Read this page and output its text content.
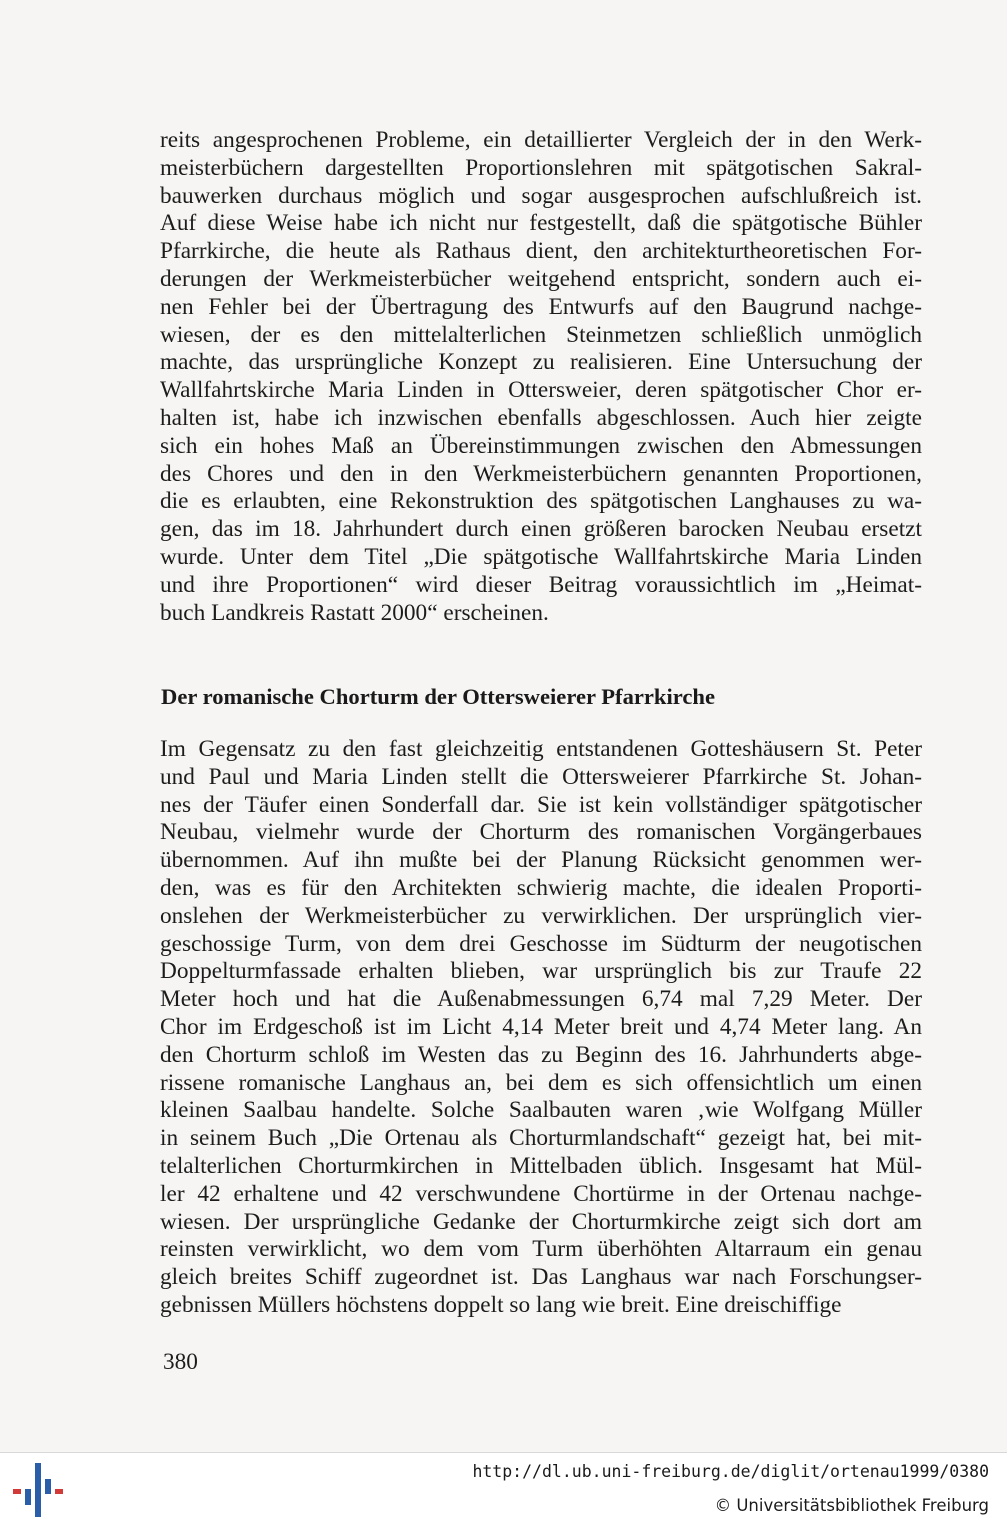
reits angesprochenen Probleme, ein detaillierter Vergleich der in den Werk-
meisterbüchern dargestellten Proportionslehren mit spätgotischen Sakral-
bauwerken durchaus möglich und sogar ausgesprochen aufschlußreich ist.
Auf diese Weise habe ich nicht nur festgestellt, daß die spätgotische Bühler
Pfarrkirche, die heute als Rathaus dient, den architekturtheoretischen For-
derungen der Werkmeisterbücher weitgehend entspricht, sondern auch ei-
nen Fehler bei der Übertragung des Entwurfs auf den Baugrund nachge-
wiesen, der es den mittelalterlichen Steinmetzen schließlich unmöglich
machte, das ursprüngliche Konzept zu realisieren. Eine Untersuchung der
Wallfahrtskirche Maria Linden in Ottersweier, deren spätgotischer Chor er-
halten ist, habe ich inzwischen ebenfalls abgeschlossen. Auch hier zeigte
sich ein hohes Maß an Übereinstimmungen zwischen den Abmessungen
des Chores und den in den Werkmeisterbüchern genannten Proportionen,
die es erlaubten, eine Rekonstruktion des spätgotischen Langhauses zu wa-
gen, das im 18. Jahrhundert durch einen größeren barocken Neubau ersetzt
wurde. Unter dem Titel „Die spätgotische Wallfahrtskirche Maria Linden
und ihre Proportionen“ wird dieser Beitrag voraussichtlich im „Heimat-
buch Landkreis Rastatt 2000“ erscheinen.

Der romanische Chorturm der Ottersweierer Pfarrkirche

Im Gegensatz zu den fast gleichzeitig entstandenen Gotteshäusern St. Peter
und Paul und Maria Linden stellt die Ottersweierer Pfarrkirche St. Johan-
nes der Täufer einen Sonderfall dar. Sie ist kein vollständiger spätgotischer
Neubau, vielmehr wurde der Chorturm des romanischen Vorgängerbaues
übernommen. Auf ihn mußte bei der Planung Rücksicht genommen wer-
den, was es für den Architekten schwierig machte, die idealen Proporti-
onslehen der Werkmeisterbücher zu verwirklichen. Der ursprünglich vier-
geschossige Turm, von dem drei Geschosse im Südturm der neugotischen
Doppelturmfassade erhalten blieben, war ursprünglich bis zur Traufe 22
Meter hoch und hat die Außenabmessungen 6,74 mal 7,29 Meter. Der
Chor im Erdgeschoß ist im Licht 4,14 Meter breit und 4,74 Meter lang. An
den Chorturm schloß im Westen das zu Beginn des 16. Jahrhunderts abge-
rissene romanische Langhaus an, bei dem es sich offensichtlich um einen
kleinen Saalbau handelte. Solche Saalbauten waren ‚wie Wolfgang Müller
in seinem Buch „Die Ortenau als Chorturmlandschaft“ gezeigt hat, bei mit-
telalterlichen Chorturmkirchen in Mittelbaden üblich. Insgesamt hat Mül-
ler 42 erhaltene und 42 verschwundene Chortürme in der Ortenau nachge-
wiesen. Der ursprüngliche Gedanke der Chorturmkirche zeigt sich dort am
reinsten verwirklicht, wo dem vom Turm überhöhten Altarraum ein genau
gleich breites Schiff zugeordnet ist. Das Langhaus war nach Forschungser-
gebnissen Müllers höchstens doppelt so lang wie breit. Eine dreischiffige

380
http://dl.ub.uni-freiburg.de/diglit/ortenau1999/0380
© Universitätsbibliothek Freiburg
